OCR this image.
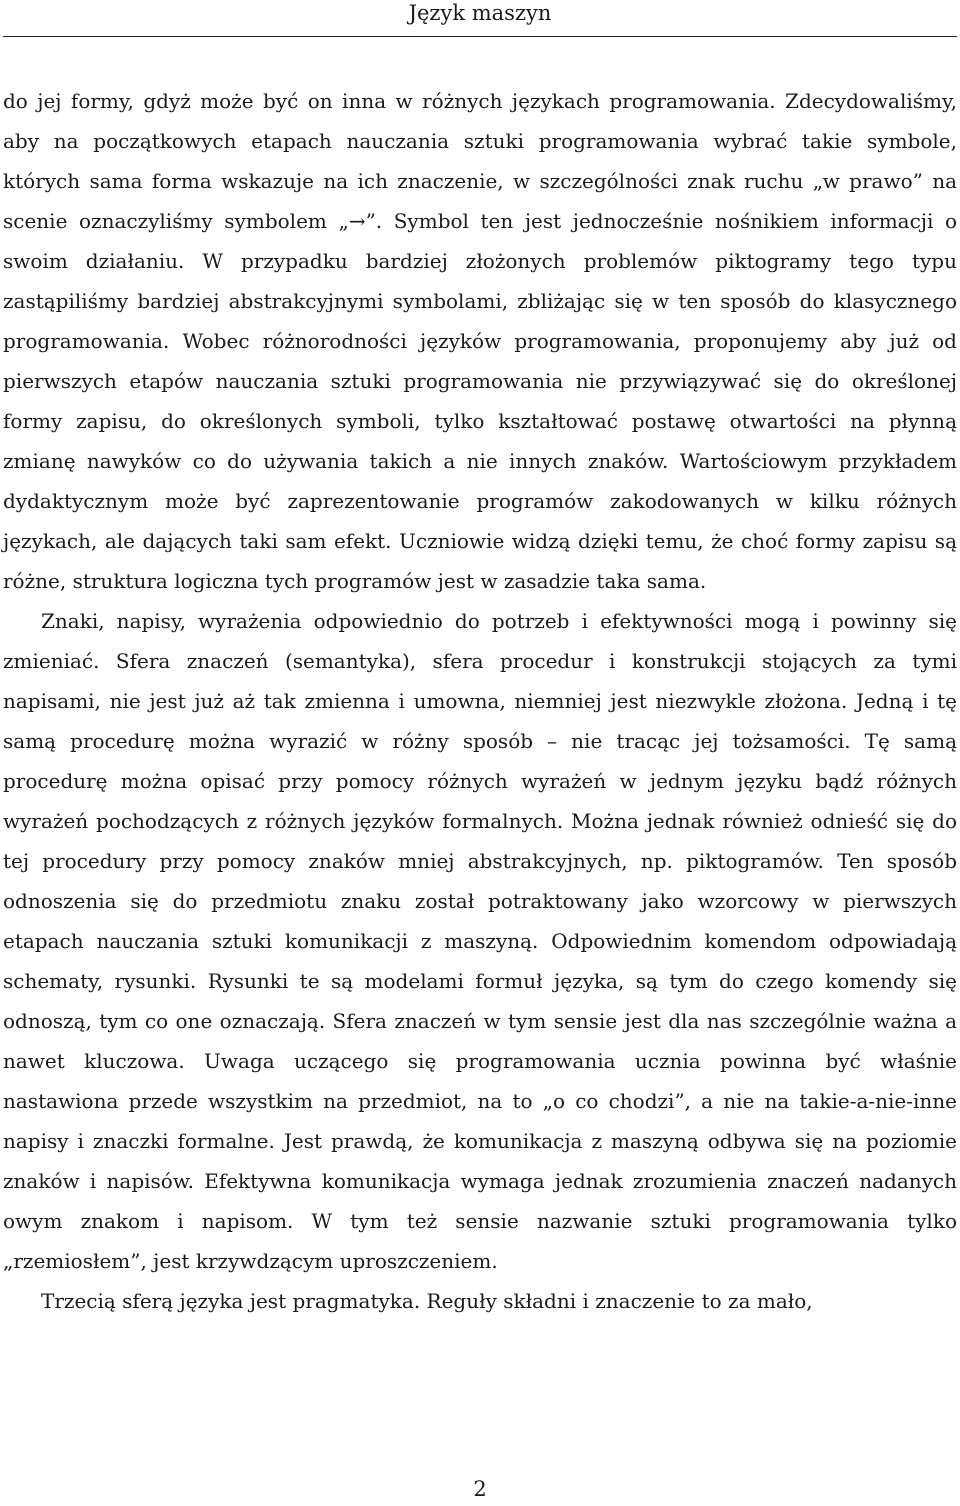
Język maszyn

do jej formy, gdyż może być on inna w różnych językach programowania. Zdecydowaliśmy, aby na początkowych etapach nauczania sztuki programowania wybrać takie symbole, których sama forma wskazuje na ich znaczenie, w szczególności znak ruchu „w prawo” na scenie oznaczyliśmy symbolem „→”. Symbol ten jest jednocześnie nośnikiem informacji o swoim działaniu. W przypadku bardziej złożonych problemów piktogramy tego typu zastąpiliśmy bardziej abstrakcyjnymi symbolami, zbliżając się w ten sposób do klasycznego programowania. Wobec różnorodności języków programowania, proponujemy aby już od pierwszych etapów nauczania sztuki programowania nie przywiązywać się do określonej formy zapisu, do określonych symboli, tylko kształtować postawę otwartości na płynną zmianę nawyków co do używania takich a nie innych znaków. Wartościowym przykładem dydaktycznym może być zaprezentowanie programów zakodowanych w kilku różnych językach, ale dających taki sam efekt. Uczniowie widzą dzięki temu, że choć formy zapisu są różne, struktura logiczna tych programów jest w zasadzie taka sama.

Znaki, napisy, wyrażenia odpowiednio do potrzeb i efektywności mogą i powinny się zmieniać. Sfera znaczeń (semantyka), sfera procedur i konstrukcji stojących za tymi napisami, nie jest już aż tak zmienna i umowna, niemniej jest niezwykle złożona. Jedną i tę samą procedurę można wyrazić w różny sposób – nie tracąc jej tożsamości. Tę samą procedurę można opisać przy pomocy różnych wyrażeń w jednym języku bądź różnych wyrażeń pochodzących z różnych języków formalnych. Można jednak również odnieść się do tej procedury przy pomocy znaków mniej abstrakcyjnych, np. piktogramów. Ten sposób odnoszenia się do przedmiotu znaku został potraktowany jako wzorcowy w pierwszych etapach nauczania sztuki komunikacji z maszyną. Odpowiednim komendom odpowiadają schematy, rysunki. Rysunki te są modelami formuł języka, są tym do czego komendy się odnoszą, tym co one oznaczają. Sfera znaczeń w tym sensie jest dla nas szczególnie ważna a nawet kluczowa. Uwaga uczącego się programowania ucznia powinna być właśnie nastawiona przede wszystkim na przedmiot, na to „o co chodzi”, a nie na takie-a-nie-inne napisy i znaczki formalne. Jest prawdą, że komunikacja z maszyną odbywa się na poziomie znaków i napisów. Efektywna komunikacja wymaga jednak zrozumienia znaczeń nadanych owym znakom i napisom. W tym też sensie nazwanie sztuki programowania tylko „rzemiosłem”, jest krzywdzącym uproszczeniem.

Trzecią sferą języka jest pragmatyka. Reguły składni i znaczenie to za mało,

2
